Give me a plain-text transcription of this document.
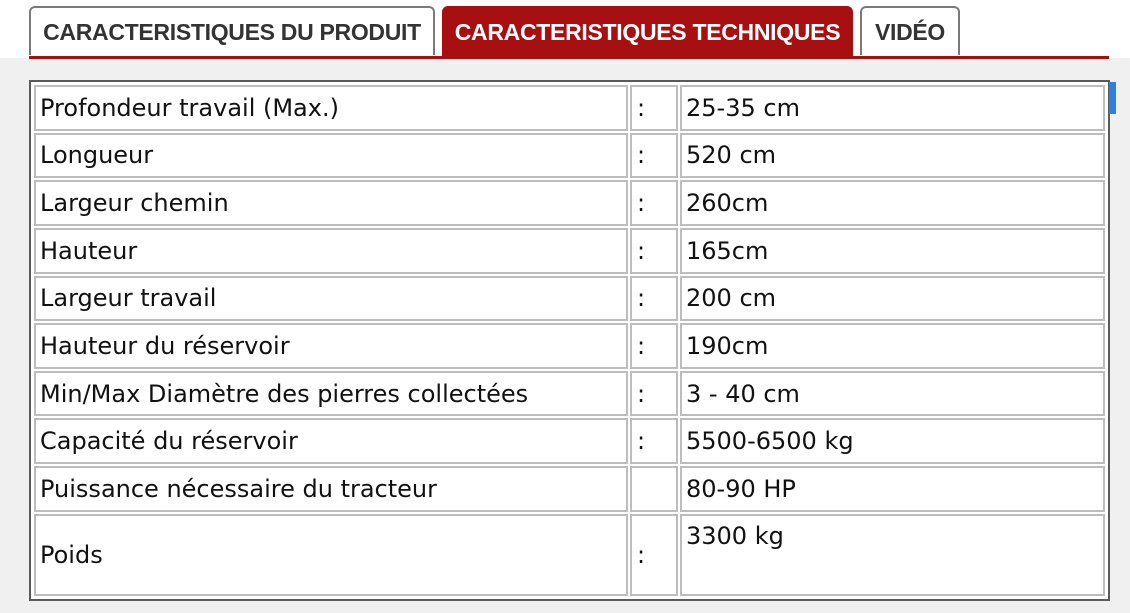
CARACTERISTIQUES DU PRODUIT	CARACTERISTIQUES TECHNIQUES	VIDÉO
Profondeur travail (Max.)	:	25-35 cm
Longueur	:	520 cm
Largeur chemin	:	260cm
Hauteur	:	165cm
Largeur travail	:	200 cm
Hauteur du réservoir	:	190cm
Min/Max Diamètre des pierres collectées	:	3 - 40 cm
Capacité du réservoir	:	5500-6500 kg
Puissance nécessaire du tracteur		80-90 HP
Poids	:	3300 kg
